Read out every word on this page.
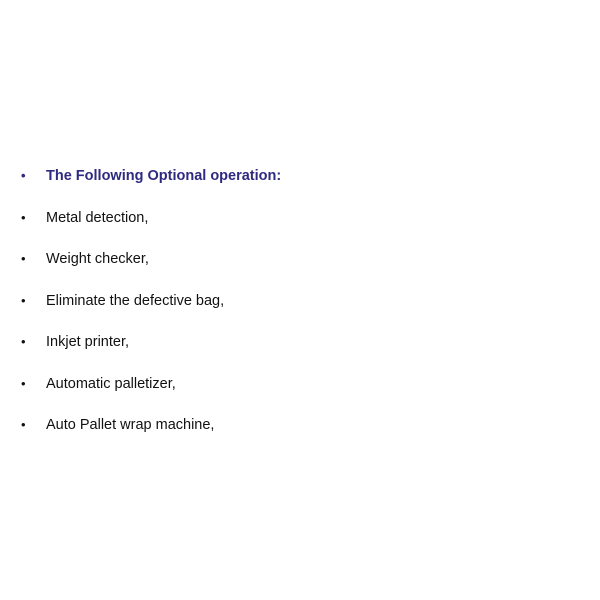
•	The Following Optional operation:
•	Metal detection,
•	Weight checker,
•	Eliminate the defective bag,
•	Inkjet printer,
•	Automatic palletizer,
•	Auto Pallet wrap machine,
